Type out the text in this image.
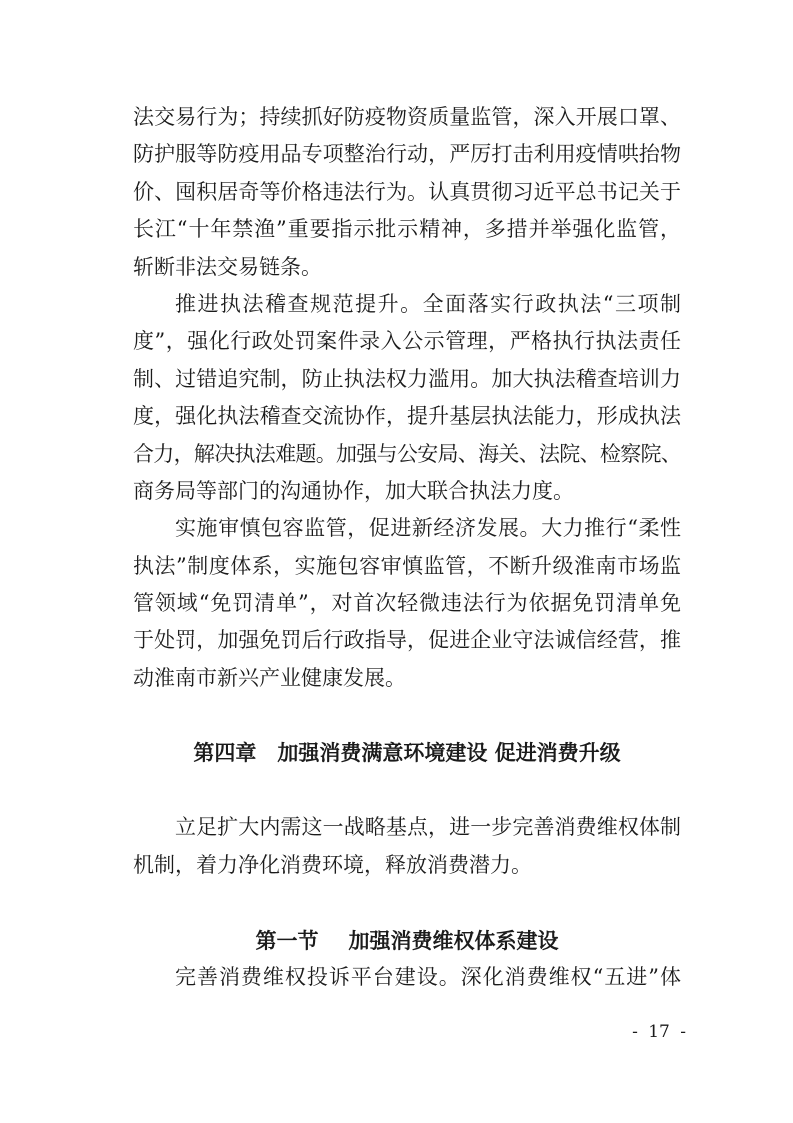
法交易行为；持续抓好防疫物资质量监管，深入开展口罩、
防护服等防疫用品专项整治行动，严厉打击利用疫情哄抬物
价、囤积居奇等价格违法行为。认真贯彻习近平总书记关于
长江“十年禁渔”重要指示批示精神，多措并举强化监管，
斩断非法交易链条。
推进执法稽查规范提升。全面落实行政执法“三项制
度”，强化行政处罚案件录入公示管理，严格执行执法责任
制、过错追究制，防止执法权力滥用。加大执法稽查培训力
度，强化执法稽查交流协作，提升基层执法能力，形成执法
合力，解决执法难题。加强与公安局、海关、法院、检察院、
商务局等部门的沟通协作，加大联合执法力度。
实施审慎包容监管，促进新经济发展。大力推行“柔性
执法”制度体系，实施包容审慎监管，不断升级淮南市场监
管领域“免罚清单”，对首次轻微违法行为依据免罚清单免
于处罚，加强免罚后行政指导，促进企业守法诚信经营，推
动淮南市新兴产业健康发展。
第四章 加强消费满意环境建设 促进消费升级
立足扩大内需这一战略基点，进一步完善消费维权体制
机制，着力净化消费环境，释放消费潜力。
第一节 加强消费维权体系建设
完善消费维权投诉平台建设。深化消费维权“五进”体
- 17 -
